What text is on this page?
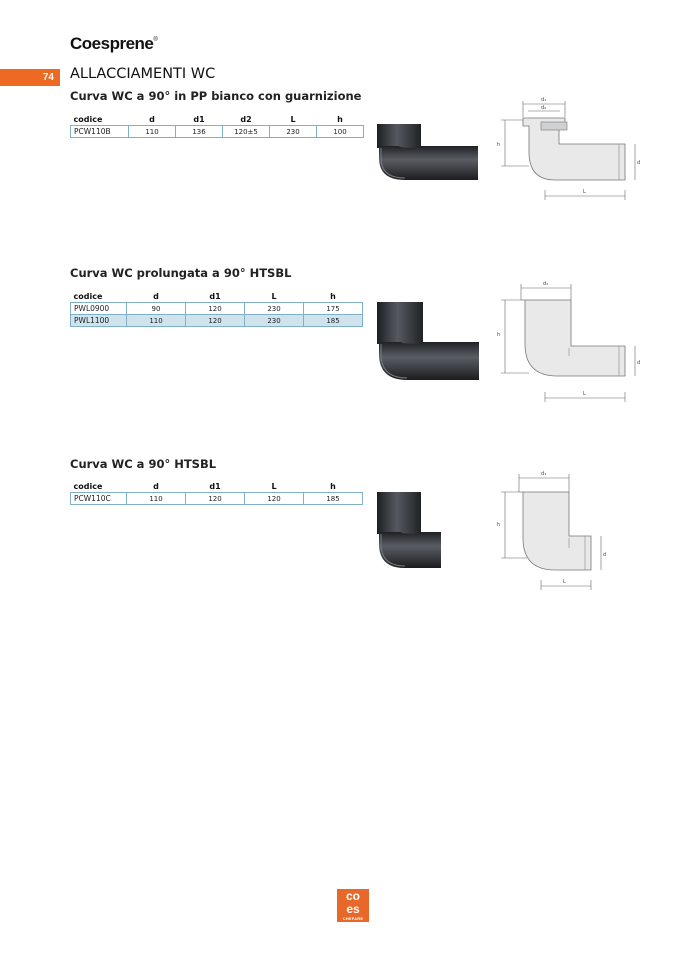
Coesprene®
74	ALLACCIAMENTI WC
Curva WC a 90° in PP bianco con guarnizione
codice	d	d1	d2	L	h
PCW110B	110	136	120±5	230	100
d₁
d₂
h
d
L
Curva WC prolungata a 90° HTSBL
codice	d	d1	L	h
PWL0900	90	120	230	175
PWL1100	110	120	230	185
d₁
h
d
L
Curva WC a 90° HTSBL
codice	d	d1	L	h
PCW110C	110	120	120	185
d₁
h
d
L
co
es
CHEFARE
